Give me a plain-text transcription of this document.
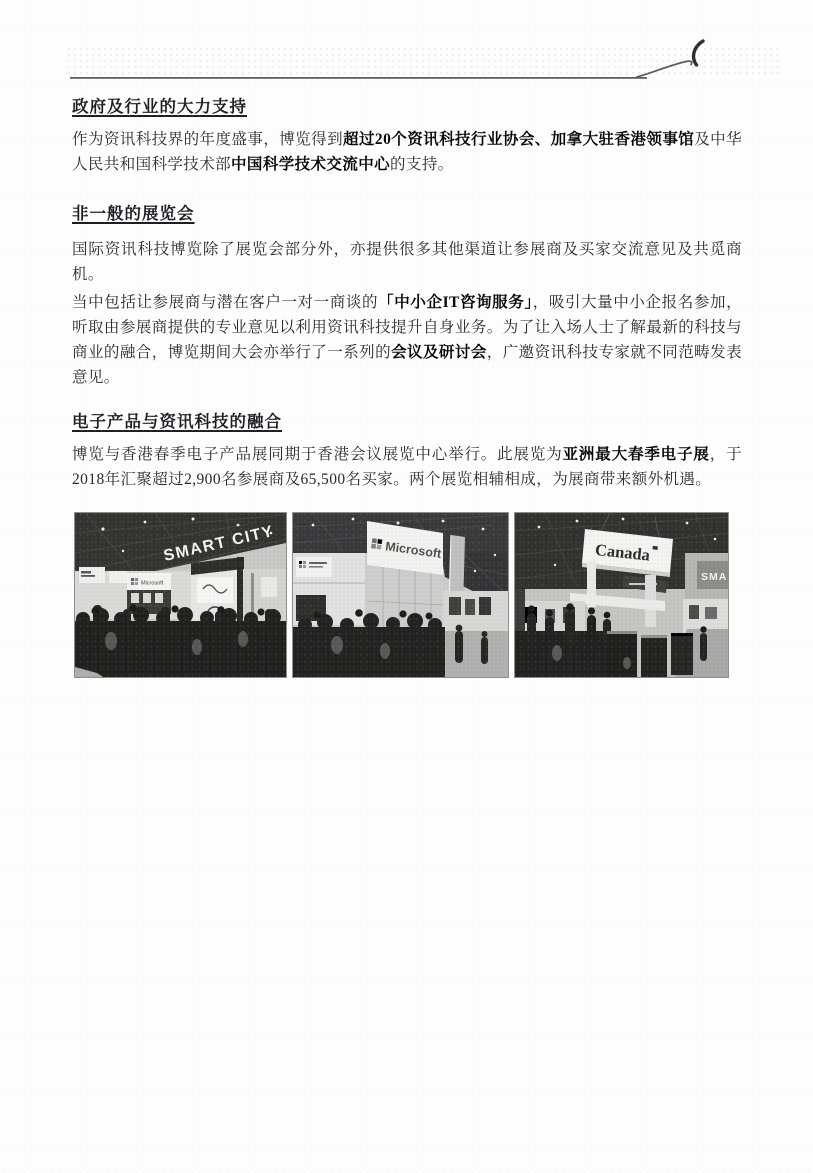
政府及行业的大力支持

作为资讯科技界的年度盛事，博览得到超过20个资讯科技行业协会、加拿大驻香港领事馆及中华人民共和国科学技术部中国科学技术交流中心的支持。

非一般的展览会

国际资讯科技博览除了展览会部分外，亦提供很多其他渠道让参展商及买家交流意见及共觅商机。

当中包括让参展商与潜在客户一对一商谈的「中小企IT咨询服务」，吸引大量中小企报名参加，听取由参展商提供的专业意见以利用资讯科技提升自身业务。为了让入场人士了解最新的科技与商业的融合，博览期间大会亦举行了一系列的会议及研讨会，广邀资讯科技专家就不同范畴发表意见。

电子产品与资讯科技的融合

博览与香港春季电子产品展同期于香港会议展览中心举行。此展览为亚洲最大春季电子展，于2018年汇聚超过2,900名参展商及65,500名买家。两个展览相辅相成，为展商带来额外机遇。
